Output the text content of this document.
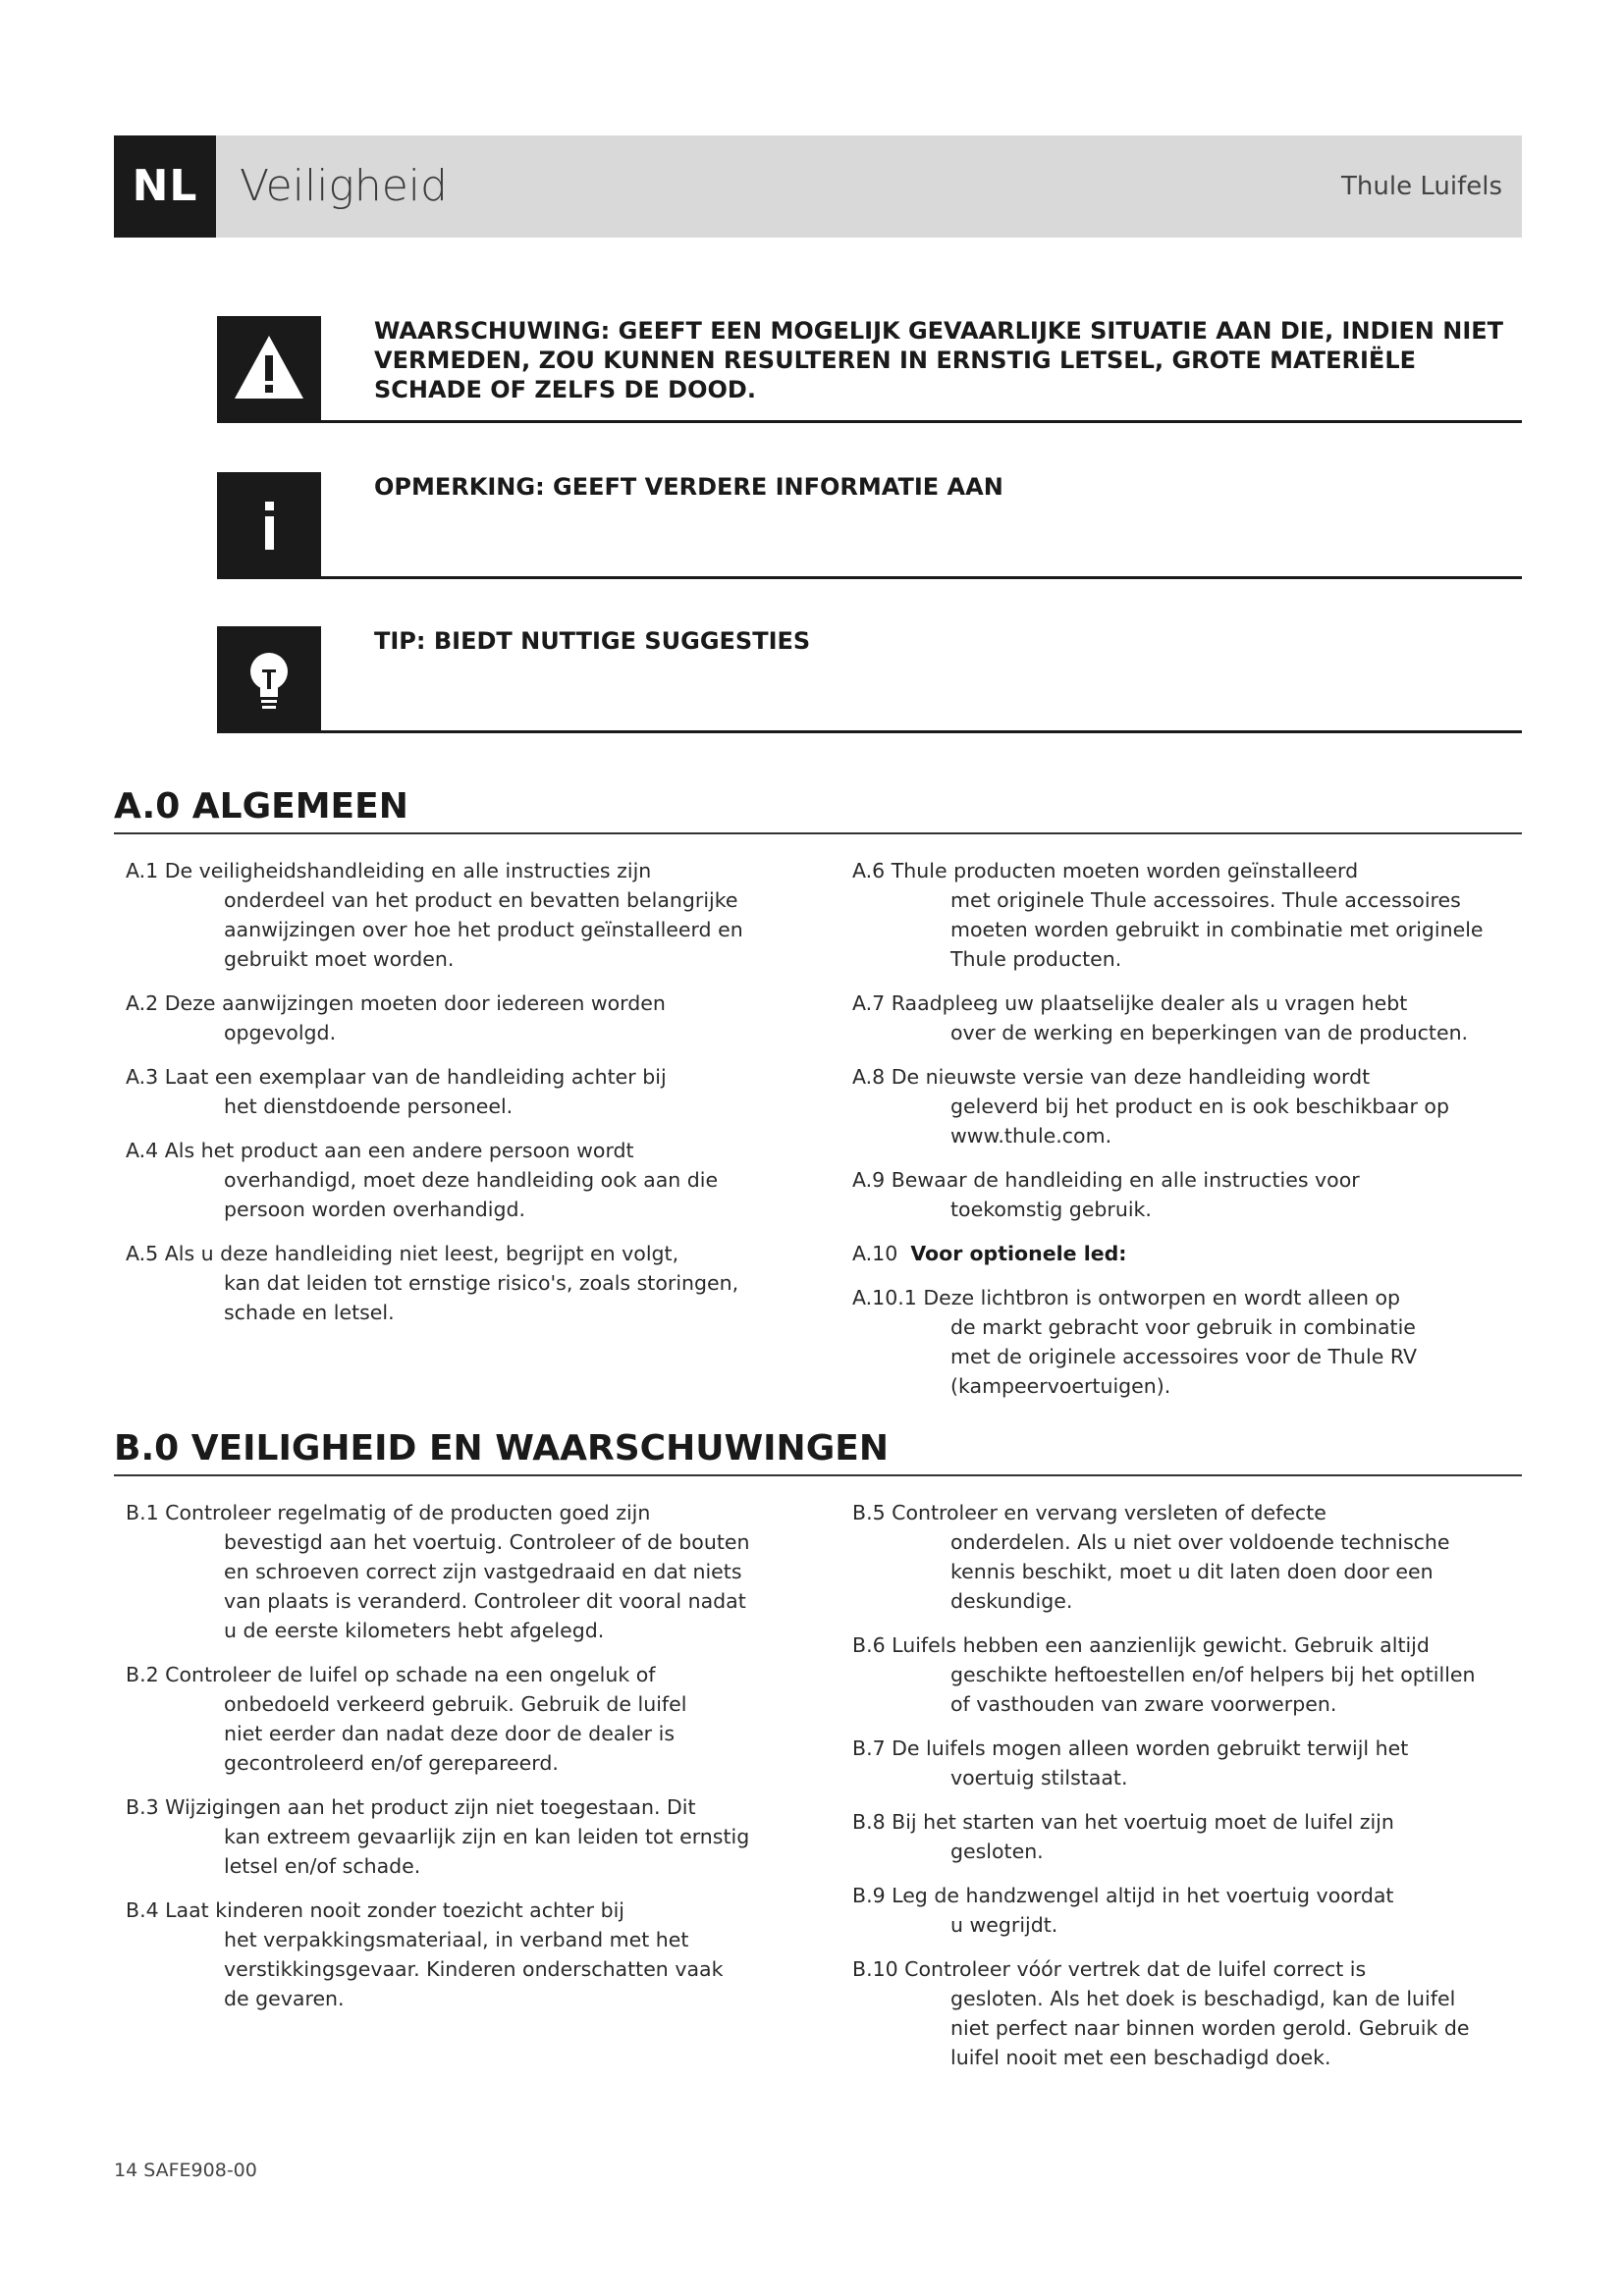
NL Veiligheid	Thule Luifels
WAARSCHUWING: GEEFT EEN MOGELIJK GEVAARLIJKE SITUATIE AAN DIE, INDIEN NIET VERMEDEN, ZOU KUNNEN RESULTEREN IN ERNSTIG LETSEL, GROTE MATERIËLE SCHADE OF ZELFS DE DOOD.
OPMERKING: GEEFT VERDERE INFORMATIE AAN
TIP: BIEDT NUTTIGE SUGGESTIES
A.0 ALGEMEEN
A.1 De veiligheidshandleiding en alle instructies zijn
onderdeel van het product en bevatten belangrijke
aanwijzingen over hoe het product geïnstalleerd en
gebruikt moet worden.
A.2 Deze aanwijzingen moeten door iedereen worden
opgevolgd.
A.3 Laat een exemplaar van de handleiding achter bij
het dienstdoende personeel.
A.4 Als het product aan een andere persoon wordt
overhandigd, moet deze handleiding ook aan die
persoon worden overhandigd.
A.5 Als u deze handleiding niet leest, begrijpt en volgt,
kan dat leiden tot ernstige risico's, zoals storingen,
schade en letsel.
A.6 Thule producten moeten worden geïnstalleerd
met originele Thule accessoires. Thule accessoires
moeten worden gebruikt in combinatie met originele
Thule producten.
A.7 Raadpleeg uw plaatselijke dealer als u vragen hebt
over de werking en beperkingen van de producten.
A.8 De nieuwste versie van deze handleiding wordt
geleverd bij het product en is ook beschikbaar op
www.thule.com.
A.9 Bewaar de handleiding en alle instructies voor
toekomstig gebruik.
A.10 Voor optionele led:
A.10.1 Deze lichtbron is ontworpen en wordt alleen op
de markt gebracht voor gebruik in combinatie
met de originele accessoires voor de Thule RV
(kampeervoertuigen).
B.0 VEILIGHEID EN WAARSCHUWINGEN
B.1 Controleer regelmatig of de producten goed zijn
bevestigd aan het voertuig. Controleer of de bouten
en schroeven correct zijn vastgedraaid en dat niets
van plaats is veranderd. Controleer dit vooral nadat
u de eerste kilometers hebt afgelegd.
B.2 Controleer de luifel op schade na een ongeluk of
onbedoeld verkeerd gebruik. Gebruik de luifel
niet eerder dan nadat deze door de dealer is
gecontroleerd en/of gerepareerd.
B.3 Wijzigingen aan het product zijn niet toegestaan. Dit
kan extreem gevaarlijk zijn en kan leiden tot ernstig
letsel en/of schade.
B.4 Laat kinderen nooit zonder toezicht achter bij
het verpakkingsmateriaal, in verband met het
verstikkingsgevaar. Kinderen onderschatten vaak
de gevaren.
B.5 Controleer en vervang versleten of defecte
onderdelen. Als u niet over voldoende technische
kennis beschikt, moet u dit laten doen door een
deskundige.
B.6 Luifels hebben een aanzienlijk gewicht. Gebruik altijd
geschikte heftoestellen en/of helpers bij het optillen
of vasthouden van zware voorwerpen.
B.7 De luifels mogen alleen worden gebruikt terwijl het
voertuig stilstaat.
B.8 Bij het starten van het voertuig moet de luifel zijn
gesloten.
B.9 Leg de handzwengel altijd in het voertuig voordat
u wegrijdt.
B.10 Controleer vóór vertrek dat de luifel correct is
gesloten. Als het doek is beschadigd, kan de luifel
niet perfect naar binnen worden gerold. Gebruik de
luifel nooit met een beschadigd doek.
14 SAFE908-00
